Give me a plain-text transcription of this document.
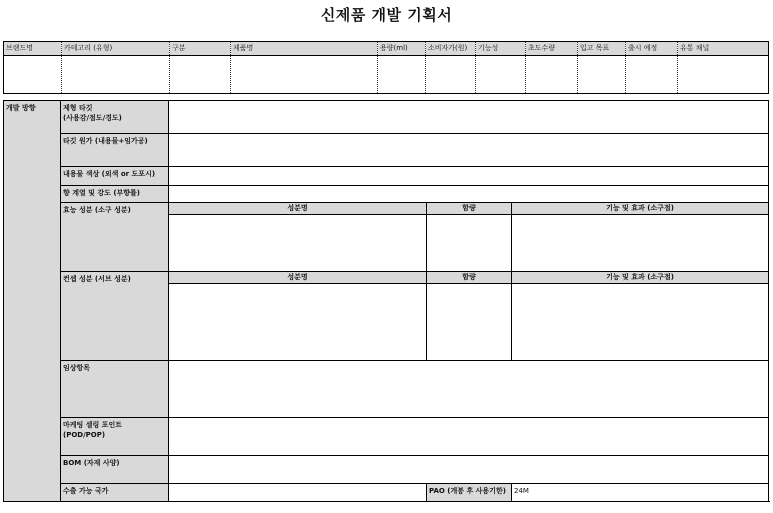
신제품 개발 기획서
브랜드명	카테고리 (유형)	구분	제품명	용량(ml)	소비자가(원)	기능성	초도수량	입고 목표	출시 예정	유통 채널

개발 방향	제형 타깃
(사용감/점도/경도)			

	타깃 원가 (내용물+임가공)			
	내용물 색상 (외색 or 도포시)			
	향 계열 및 강도 (부향률)			
	효능 성분 (소구 성분)	성분명	함량	기능 및 효과 (소구점)

	컨셉 성분 (서브 성분)	성분명	함량	기능 및 효과 (소구점)

	임상항목			

	마케팅 셀링 포인트
(POD/POP)			

	BOM (자재 사양)			
	수출 가능 국가		PAO (개봉 후 사용기한)	24M
